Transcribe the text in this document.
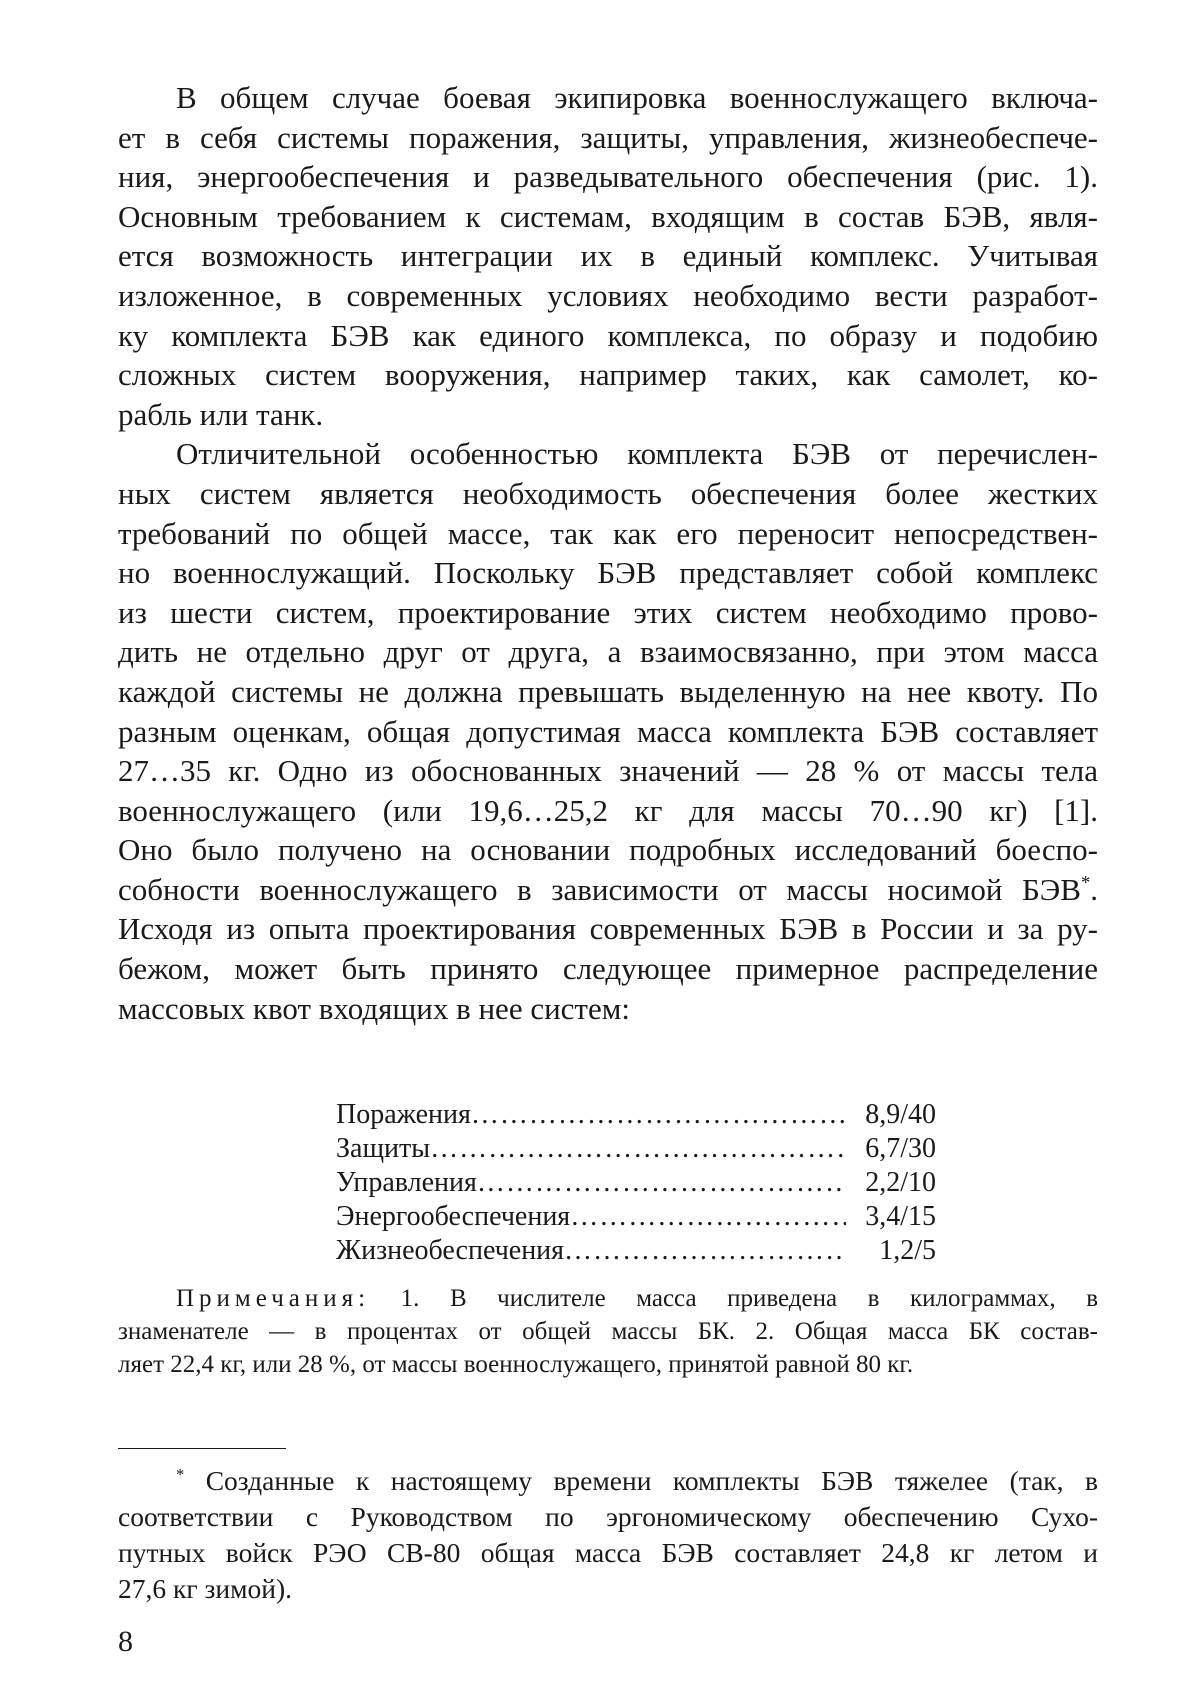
В общем случае боевая экипировка военнослужащего включа-
ет в себя системы поражения, защиты, управления, жизнеобеспече-
ния, энергообеспечения и разведывательного обеспечения (рис. 1).
Основным требованием к системам, входящим в состав БЭВ, явля-
ется возможность интеграции их в единый комплекс. Учитывая
изложенное, в современных условиях необходимо вести разработ-
ку комплекта БЭВ как единого комплекса, по образу и подобию
сложных систем вооружения, например таких, как самолет, ко-
рабль или танк.

Отличительной особенностью комплекта БЭВ от перечислен-
ных систем является необходимость обеспечения более жестких
требований по общей массе, так как его переносит непосредствен-
но военнослужащий. Поскольку БЭВ представляет собой комплекс
из шести систем, проектирование этих систем необходимо прово-
дить не отдельно друг от друга, а взаимосвязанно, при этом масса
каждой системы не должна превышать выделенную на нее квоту. По
разным оценкам, общая допустимая масса комплекта БЭВ составляет
27…35 кг. Одно из обоснованных значений — 28 % от массы тела
военнослужащего (или 19,6…25,2 кг для массы 70…90 кг) [1].
Оно было получено на основании подробных исследований боеспо-
собности военнослужащего в зависимости от массы носимой БЭВ*.
Исходя из опыта проектирования современных БЭВ в России и за ру-
бежом, может быть принято следующее примерное распределение
массовых квот входящих в нее систем:

Поражения ……………………………………………………………	8,9/40
Защиты ……………………………………………………………	6,7/30
Управления ……………………………………………………………	2,2/10
Энергообеспечения ……………………………………………………………	3,4/15
Жизнеобеспечения ……………………………………………………………	1,2/5
Примечания: 1. В числителе масса приведена в килограммах, в
знаменателе — в процентах от общей массы БК. 2. Общая масса БК состав-
ляет 22,4 кг, или 28 %, от массы военнослужащего, принятой равной 80 кг.
* Созданные к настоящему времени комплекты БЭВ тяжелее (так, в
соответствии с Руководством по эргономическому обеспечению Сухо-
путных войск РЭО СВ-80 общая масса БЭВ составляет 24,8 кг летом и
27,6 кг зимой).
8
